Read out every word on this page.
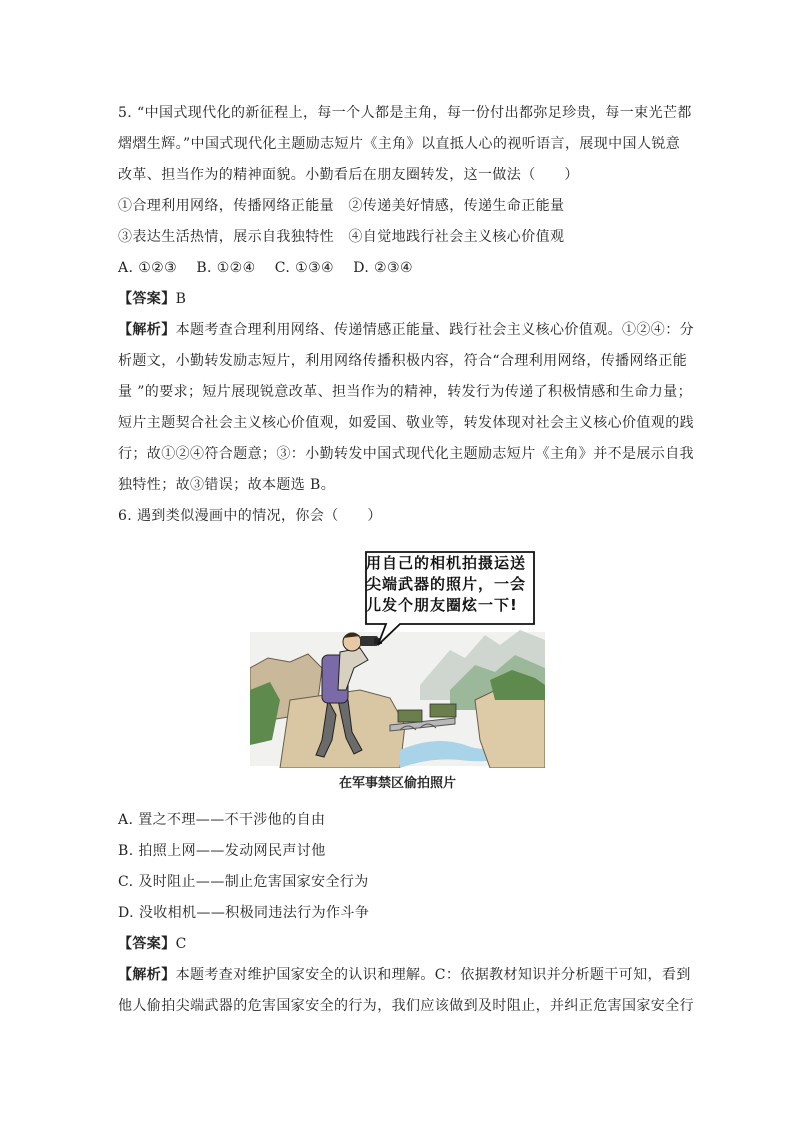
5. “中国式现代化的新征程上，每一个人都是主角，每一份付出都弥足珍贵，每一束光芒都
熠熠生辉。”中国式现代化主题励志短片《主角》以直抵人心的视听语言，展现中国人锐意
改革、担当作为的精神面貌。小勤看后在朋友圈转发，这一做法（　　）
①合理利用网络，传播网络正能量　②传递美好情感，传递生命正能量
③表达生活热情，展示自我独特性　④自觉地践行社会主义核心价值观
A. ①②③　 B. ①②④　 C. ①③④　 D. ②③④
【答案】B
【解析】本题考查合理利用网络、传递情感正能量、践行社会主义核心价值观。①②④：分
析题文，小勤转发励志短片，利用网络传播积极内容，符合“合理利用网络，传播网络正能
量 ”的要求；短片展现锐意改革、担当作为的精神，转发行为传递了积极情感和生命力量；
短片主题契合社会主义核心价值观，如爱国、敬业等，转发体现对社会主义核心价值观的践
行；故①②④符合题意；③：小勤转发中国式现代化主题励志短片《主角》并不是展示自我
独特性；故③错误；故本题选 B。
6. 遇到类似漫画中的情况，你会（　　）
用自己的相机拍摄运送
尖端武器的照片，一会
儿发个朋友圈炫一下!
在军事禁区偷拍照片
A. 置之不理——不干涉他的自由
B. 拍照上网——发动网民声讨他
C. 及时阻止——制止危害国家安全行为
D. 没收相机——积极同违法行为作斗争
【答案】C
【解析】本题考查对维护国家安全的认识和理解。C：依据教材知识并分析题干可知，看到
他人偷拍尖端武器的危害国家安全的行为，我们应该做到及时阻止，并纠正危害国家安全行
